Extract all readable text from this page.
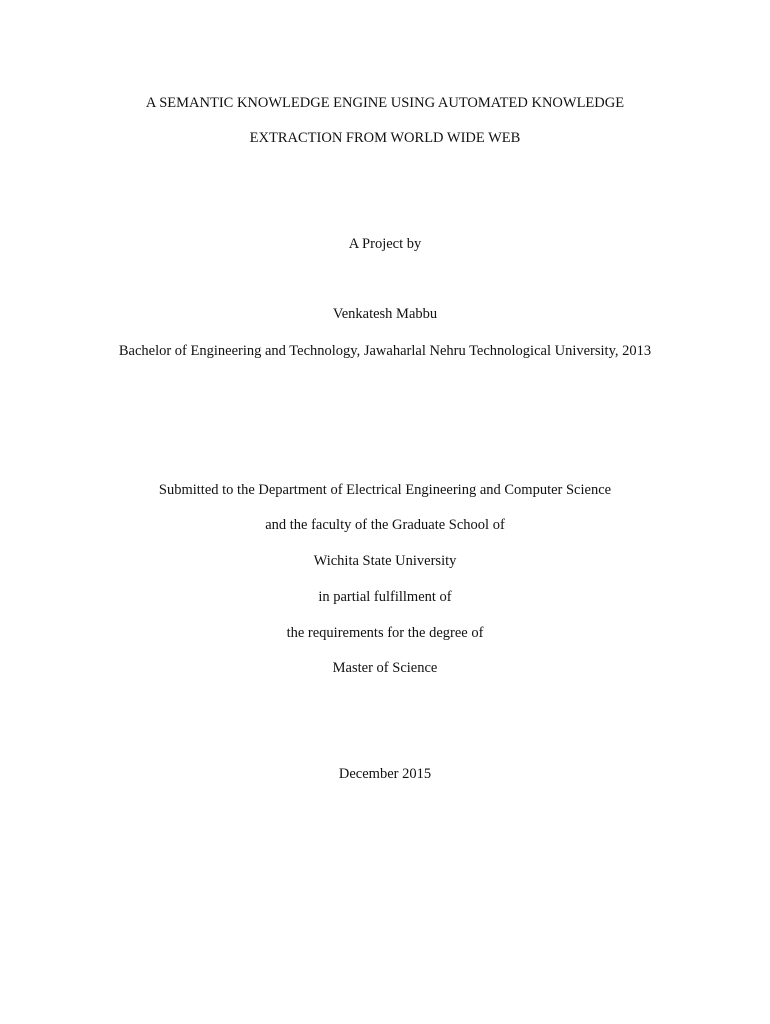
A SEMANTIC KNOWLEDGE ENGINE USING AUTOMATED KNOWLEDGE
EXTRACTION FROM WORLD WIDE WEB
A Project by
Venkatesh Mabbu
Bachelor of Engineering and Technology, Jawaharlal Nehru Technological University, 2013
Submitted to the Department of Electrical Engineering and Computer Science
and the faculty of the Graduate School of
Wichita State University
in partial fulfillment of
the requirements for the degree of
Master of Science
December 2015
